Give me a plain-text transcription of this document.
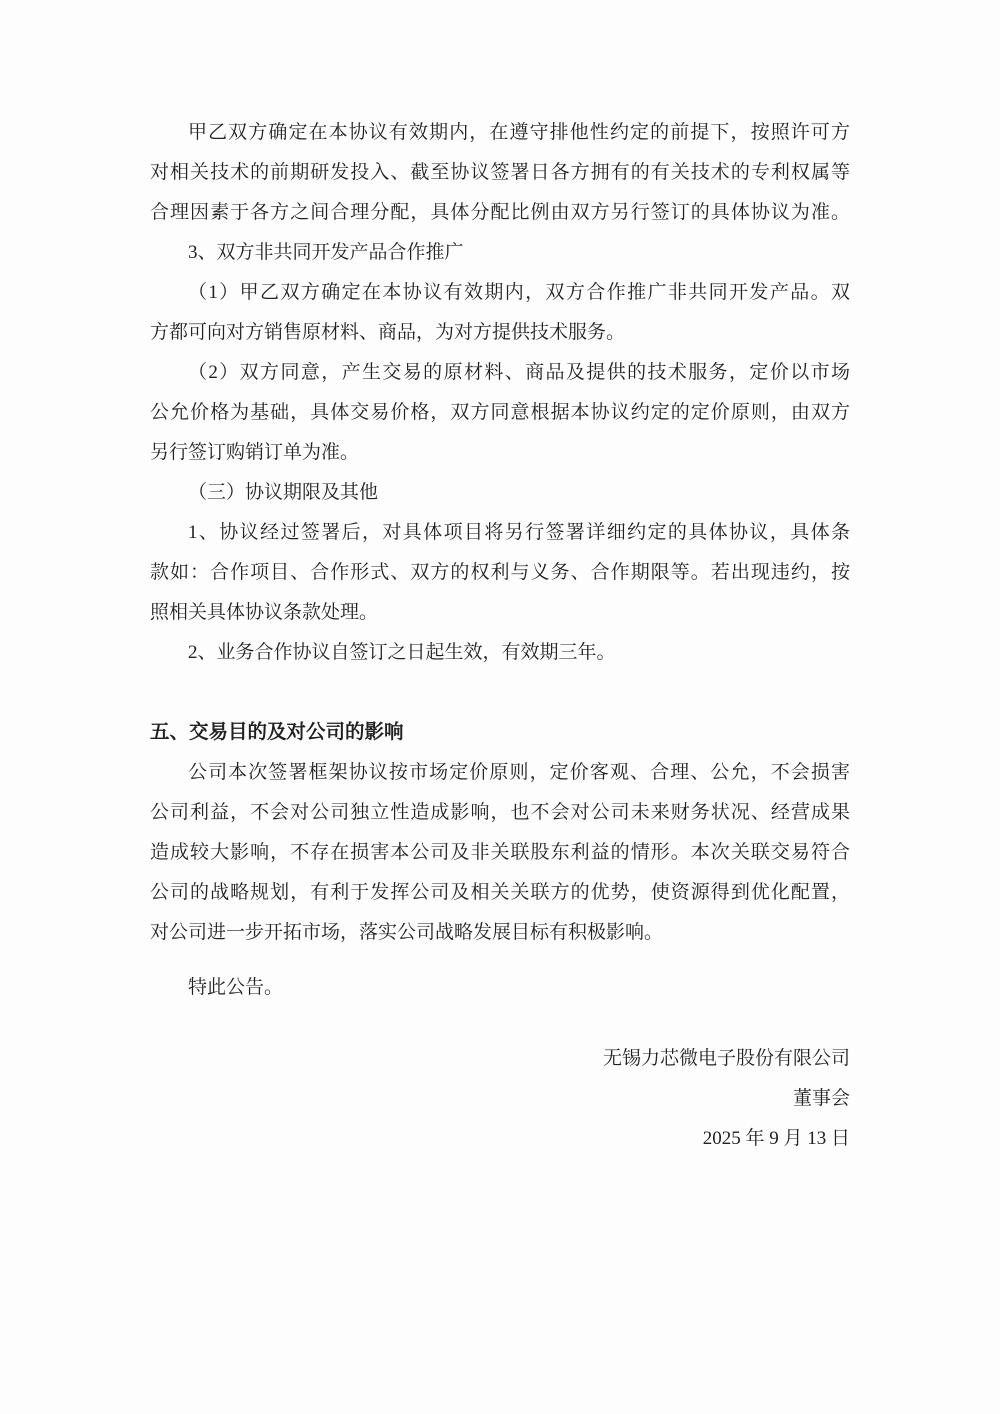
甲乙双方确定在本协议有效期内，在遵守排他性约定的前提下，按照许可方
对相关技术的前期研发投入、截至协议签署日各方拥有的有关技术的专利权属等
合理因素于各方之间合理分配，具体分配比例由双方另行签订的具体协议为准。

3、双方非共同开发产品合作推广

（1）甲乙双方确定在本协议有效期内，双方合作推广非共同开发产品。双
方都可向对方销售原材料、商品，为对方提供技术服务。

（2）双方同意，产生交易的原材料、商品及提供的技术服务，定价以市场
公允价格为基础，具体交易价格，双方同意根据本协议约定的定价原则，由双方
另行签订购销订单为准。

（三）协议期限及其他

1、协议经过签署后，对具体项目将另行签署详细约定的具体协议，具体条
款如：合作项目、合作形式、双方的权利与义务、合作期限等。若出现违约，按
照相关具体协议条款处理。

2、业务合作协议自签订之日起生效，有效期三年。

五、交易目的及对公司的影响

公司本次签署框架协议按市场定价原则，定价客观、合理、公允，不会损害
公司利益，不会对公司独立性造成影响，也不会对公司未来财务状况、经营成果
造成较大影响，不存在损害本公司及非关联股东利益的情形。本次关联交易符合
公司的战略规划，有利于发挥公司及相关关联方的优势，使资源得到优化配置，
对公司进一步开拓市场，落实公司战略发展目标有积极影响。

特此公告。

无锡力芯微电子股份有限公司
董事会
2025 年 9 月 13 日
